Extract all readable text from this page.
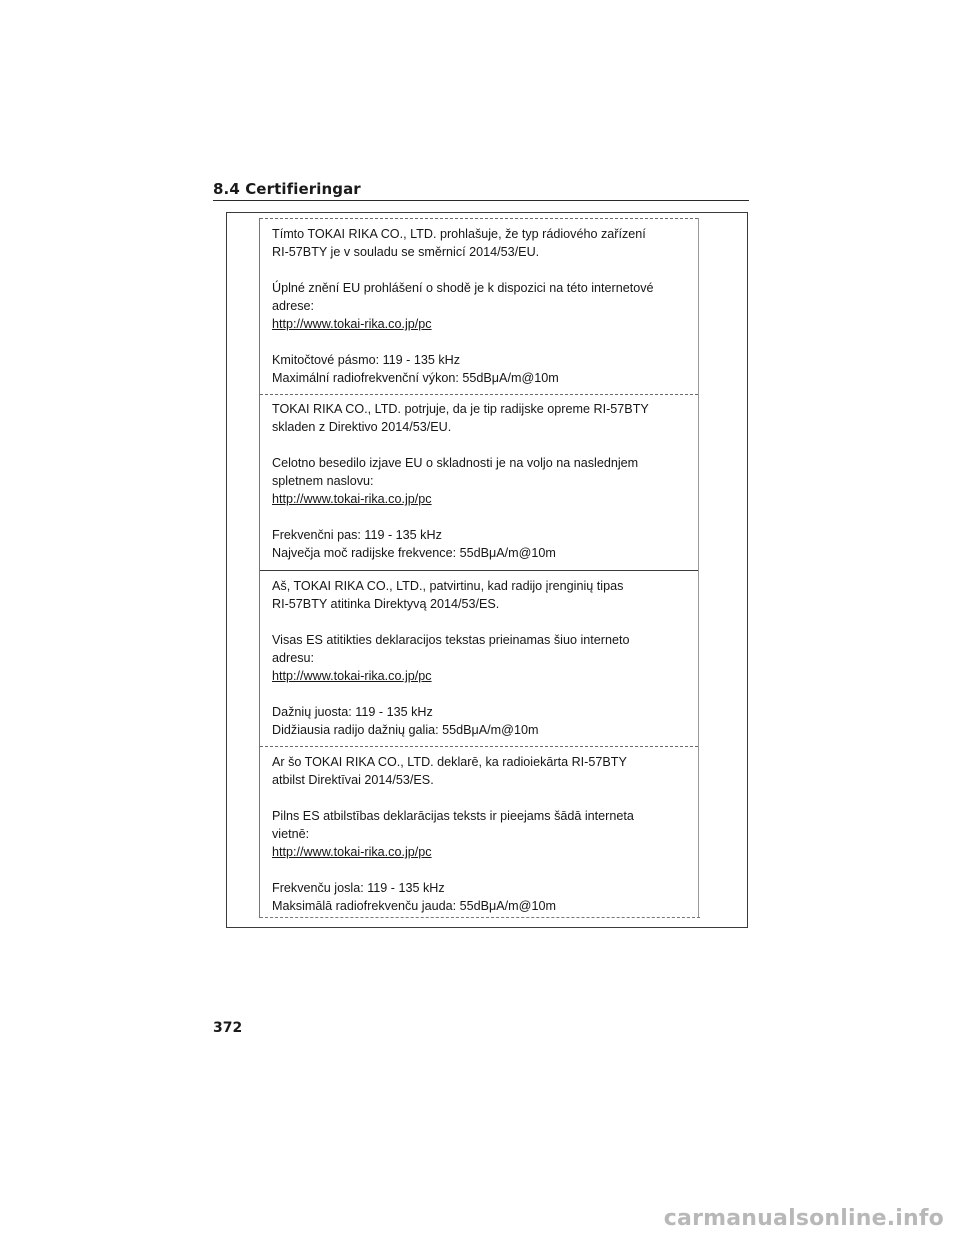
8.4 Certifieringar

Tímto TOKAI RIKA CO., LTD. prohlašuje, že typ rádiového zařízení

RI-57BTY je v souladu se směrnicí 2014/53/EU.

Úplné znění EU prohlášení o shodě je k dispozici na této internetové

adrese:

http://www.tokai-rika.co.jp/pc

Kmitočtové pásmo: 119 - 135 kHz

Maximální radiofrekvenční výkon: 55dBμA/m@10m

TOKAI RIKA CO., LTD. potrjuje, da je tip radijske opreme RI-57BTY

skladen z Direktivo 2014/53/EU.

Celotno besedilo izjave EU o skladnosti je na voljo na naslednjem

spletnem naslovu:

http://www.tokai-rika.co.jp/pc

Frekvenčni pas: 119 - 135 kHz

Največja moč radijske frekvence: 55dBμA/m@10m

Aš, TOKAI RIKA CO., LTD., patvirtinu, kad radijo įrenginių tipas

RI-57BTY atitinka Direktyvą 2014/53/ES.

Visas ES atitikties deklaracijos tekstas prieinamas šiuo interneto

adresu:

http://www.tokai-rika.co.jp/pc

Dažnių juosta: 119 - 135 kHz

Didžiausia radijo dažnių galia: 55dBμA/m@10m

Ar šo TOKAI RIKA CO., LTD. deklarē, ka radioiekārta RI-57BTY

atbilst Direktīvai 2014/53/ES.

Pilns ES atbilstības deklarācijas teksts ir pieejams šādā interneta

vietnē:

http://www.tokai-rika.co.jp/pc

Frekvenču josla: 119 - 135 kHz

Maksimālā radiofrekvenču jauda: 55dBμA/m@10m

372
carmanualsonline.info
